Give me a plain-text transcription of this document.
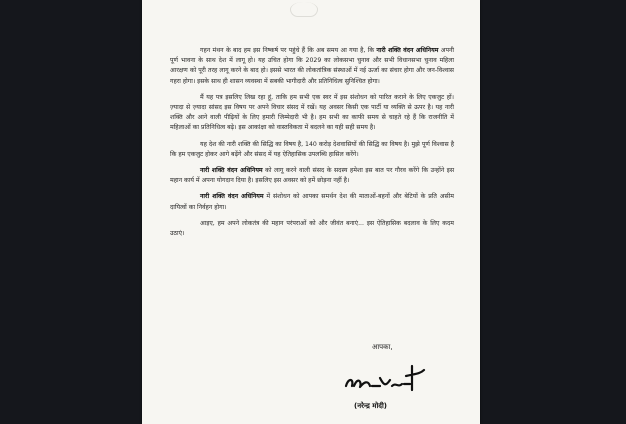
गहन मंथन के बाद हम इस निष्कर्ष पर पहुंचे हैं कि अब समय आ गया है, कि नारी शक्ति वंदन अधिनियम अपनी पूर्ण भावना के साथ देश में लागू हो। यह उचित होगा कि 2029 का लोकसभा चुनाव और सभी विधानसभा चुनाव महिला आरक्षण को पूरी तरह लागू करने के बाद हो। इससे भारत की लोकतांत्रिक संस्थाओं में नई ऊर्जा का संचार होगा और जन-विश्वास गहरा होगा। इसके साथ ही शासन व्यवस्था में सबकी भागीदारी और प्रतिनिधित्व सुनिश्चित होगा।

मैं यह पत्र इसलिए लिख रहा हूं, ताकि हम सभी एक स्वर में इस संशोधन को पारित कराने के लिए एकजुट हों। ज़्यादा से ज़्यादा सांसद इस विषय पर अपने विचार संसद में रखें। यह अवसर किसी एक पार्टी या व्यक्ति से ऊपर है। यह नारी शक्ति और आने वाली पीढ़ियों के लिए हमारी जिम्मेदारी भी है। हम सभी का काफी समय से चाहते रहे हैं कि राजनीति में महिलाओं का प्रतिनिधित्व बढ़े। इस आकांक्षा को वास्तविकता में बदलने का यही सही समय है।

यह देश की नारी शक्ति की सिद्धि का विषय है, 140 करोड़ देशवासियों की सिद्धि का विषय है। मुझे पूर्ण विश्वास है कि हम एकजुट होकर आगे बढ़ेंगे और संसद में यह ऐतिहासिक उपलब्धि हासिल करेंगे।

नारी शक्ति वंदन अधिनियम को लागू करने वाली संसद के सदस्य हमेशा इस बात पर गौरव करेंगे कि उन्होंने इस महान कार्य में अपना योगदान दिया है। इसलिए इस अवसर को हमें छोड़ना नहीं है।

नारी शक्ति वंदन अधिनियम में संशोधन को आपका समर्थन देश की माताओं-बहनों और बेटियों के प्रति असीम दायित्वों का निर्वहन होगा।

आइए, हम अपने लोकतंत्र की महान परंपराओं को और जीवंत बनाएं... इस ऐतिहासिक बदलाव के लिए कदम उठाएं।

आपका,
(नरेन्द्र मोदी)
